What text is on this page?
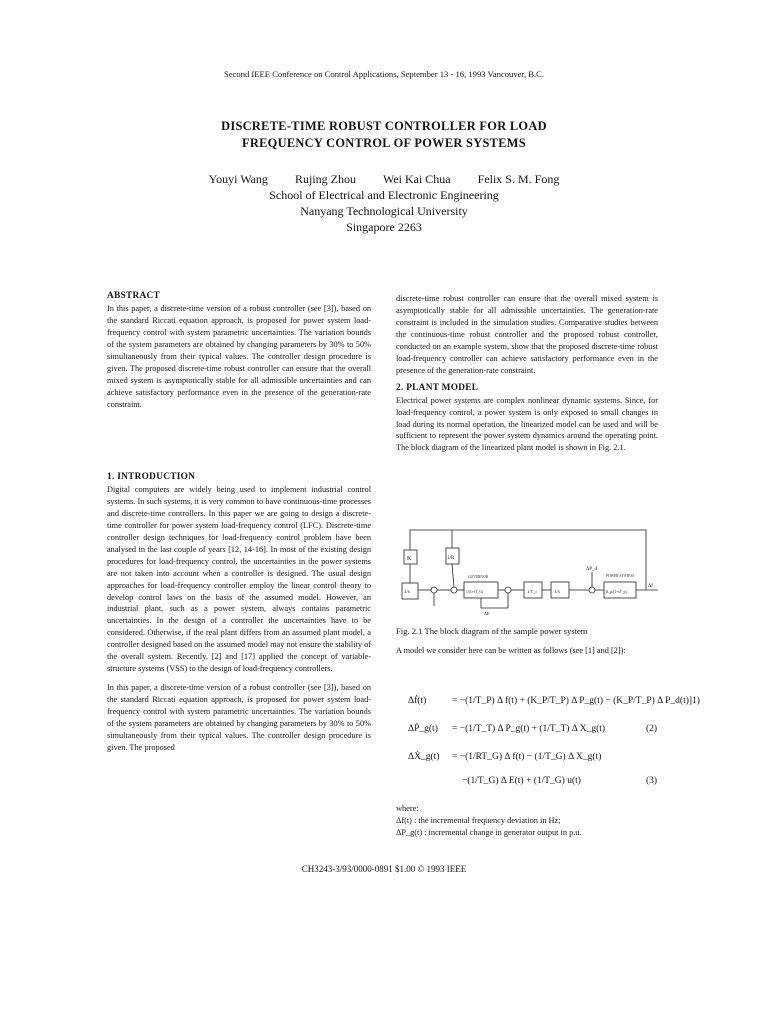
Second IEEE Conference on Control Applications, September 13 - 16, 1993 Vancouver, B.C.
DISCRETE-TIME ROBUST CONTROLLER FOR LOAD
FREQUENCY CONTROL OF POWER SYSTEMS
Youyi Wang Rujing Zhou Wei Kai Chua Felix S. M. Fong
School of Electrical and Electronic Engineering
Nanyang Technological University
Singapore 2263
ABSTRACT

In this paper, a discrete-time version of a robust controller (see [3]), based on the standard Riccati equation approach, is proposed for power system load-frequency control with system parametric uncertainties. The variation bounds of the system parameters are obtained by changing parameters by 30% to 50% simultaneously from their typical values. The controller design procedure is given. The proposed discrete-time robust controller can ensure that the overall mixed system is asymptotically stable for all admissible uncertainties and can achieve satisfactory performance even in the presence of the generation-rate constraint.

1. INTRODUCTION

Digital computers are widely being used to implement industrial control systems. In such systems, it is very common to have continuous-time processes and discrete-time controllers. In this paper we are going to design a discrete-time controller for power system load-frequency control (LFC). Discrete-time controller design techniques for load-frequency control problem have been analysed in the last couple of years [12, 14-16]. In most of the existing design procedures for load-frequency control, the uncertainties in the power systems are not taken into account when a controller is designed. The usual design approaches for load-frequency controller employ the linear control theory to develop control laws on the basis of the assumed model. However, an industrial plant, such as a power system, always contains parametric uncertainties. In the design of a controller the uncertainties have to be considered. Otherwise, if the real plant differs from an assumed plant model, a controller designed based on the assumed model may not ensure the stability of the overall system. Recently, [2] and [17] applied the concept of variable-structure systems (VSS) to the design of load-frequency controllers.

In this paper, a discrete-time version of a robust controller (see [3]), based on the standard Riccati equation approach, is proposed for power system load-frequency control with system parametric uncertainties. The variation bounds of the system parameters are obtained by changing parameters by 30% to 50% simultaneously from their typical values. The controller design procedure is given. The proposed

discrete-time robust controller can ensure that the overall mixed system is asymptotically stable for all admissible uncertainties. The generation-rate constraint is included in the simulation studies. Comparative studies between the continuous-time robust controller and the proposed robust controller, conducted on an example system, show that the proposed discrete-time robust load-frequency controller can achieve satisfactory performance even in the presence of the generation-rate constraint.

2. PLANT MODEL

Electrical power systems are complex nonlinear dynamic systems. Since, for load-frequency control, a power system is only exposed to small changes in load during its normal operation, the linearized model can be used and will be sufficient to represent the power system dynamics around the operating point. The block diagram of the linearized plant model is shown in Fig. 2.1.

K	1/R
1/s
GOVERNOR
1/(1+sT_G)	1/T_t	1/s
POWER SYSTEM
K_p/(1+sT_p)
ΔP_d
Δf
ΔE
Fig. 2.1 The block diagram of the sample power system
A model we consider here can be written as follows (see [1] and [2]):
Δḟ(t)	= −(1/T_P) Δ f(t) + (K_P/T_P) Δ P_g(t) − (K_P/T_P) Δ P_d(t)]1)
ΔṖ_g(t) = −(1/T_T) Δ P_g(t) + (1/T_T) Δ X_g(t)	(2)
ΔẊ_g(t) = −(1/RT_G) Δ f(t) − (1/T_G) Δ X_g(t)
−(1/T_G) Δ E(t) + (1/T_G) u(t)	(3)
where:
Δf(t) : the incremental frequency deviation in Hz;
ΔP_g(t) : incremental change in generator output in p.u.
CH3243-3/93/0000-0891 $1.00 © 1993 IEEE
